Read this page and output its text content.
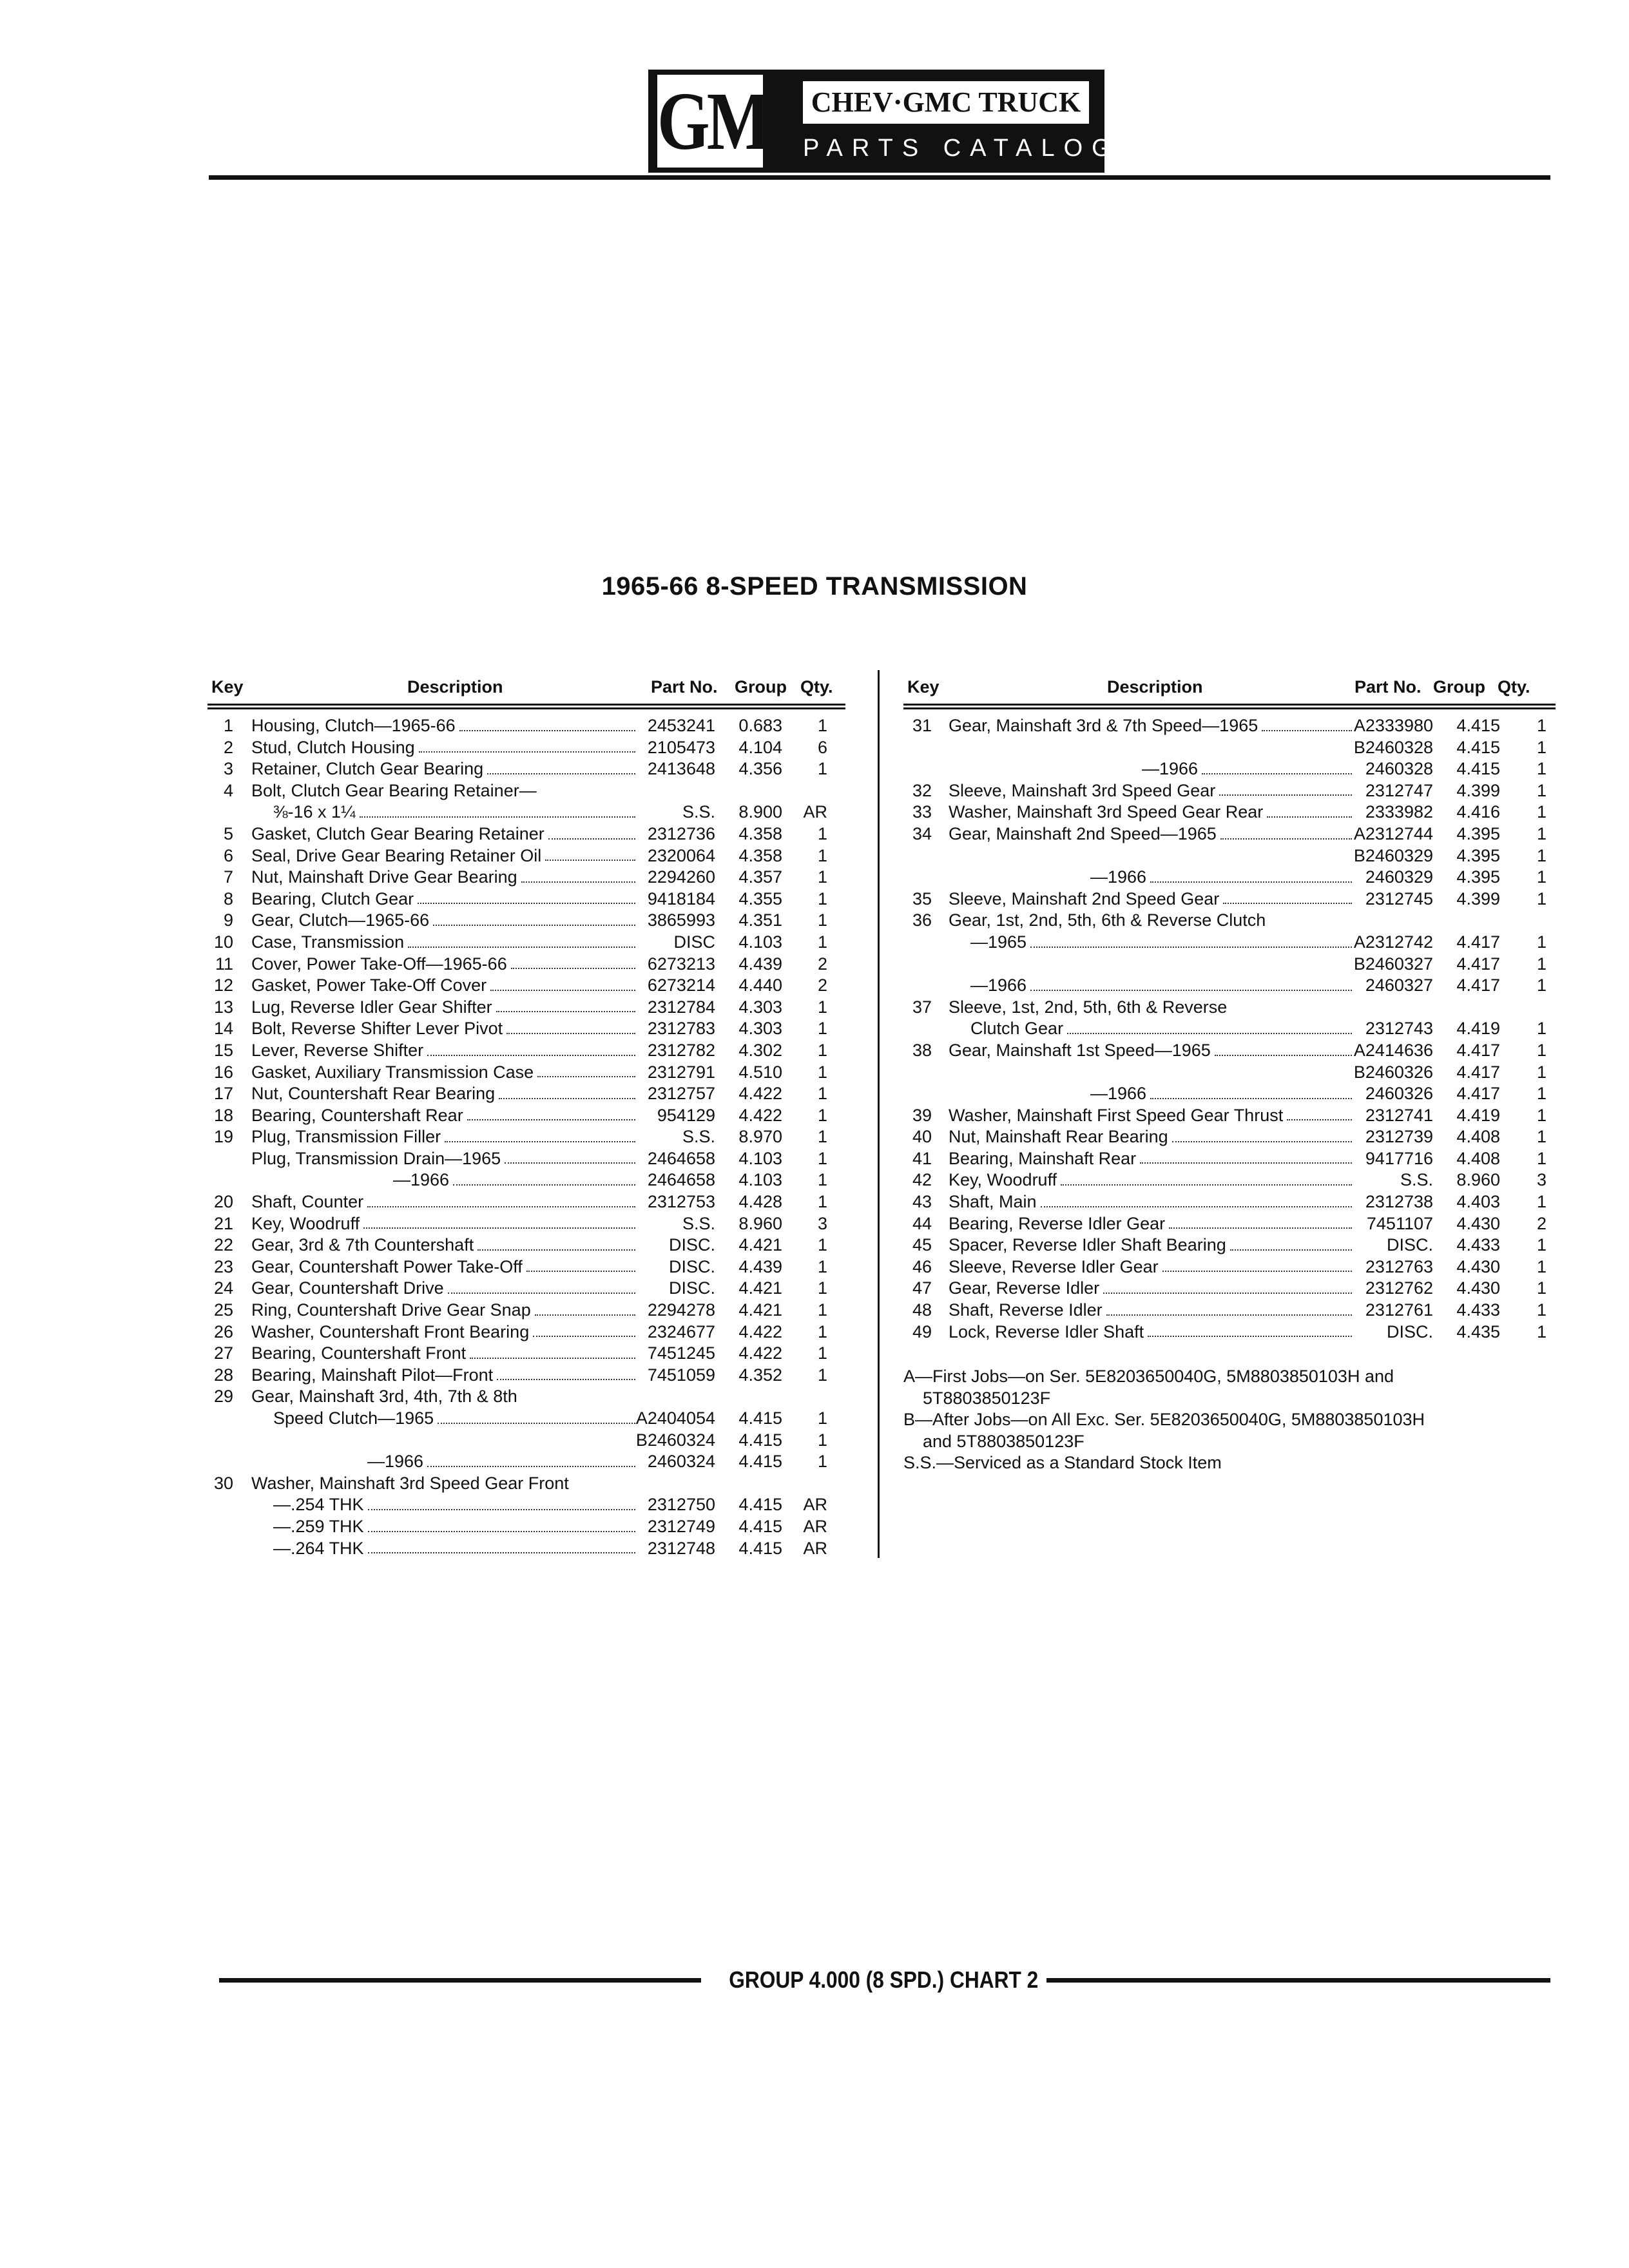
GM CHEV·GMC TRUCK
PARTS CATALOGUE
1965-66 8-SPEED TRANSMISSION
Key	Description	Part No. Group Qty.
1 Housing, Clutch—1965-66	2453241	0.683	1
2 Stud, Clutch Housing	2105473	4.104	6
3 Retainer, Clutch Gear Bearing	2413648	4.356	1
4 Bolt, Clutch Gear Bearing Retainer—
⅜-16 x 1¼	S.S.	8.900	AR
5 Gasket, Clutch Gear Bearing Retainer	2312736	4.358	1
6 Seal, Drive Gear Bearing Retainer Oil	2320064	4.358	1
7 Nut, Mainshaft Drive Gear Bearing	2294260	4.357	1
8 Bearing, Clutch Gear	9418184	4.355	1
9 Gear, Clutch—1965-66	3865993	4.351	1
10 Case, Transmission	DISC	4.103	1
11 Cover, Power Take-Off—1965-66	6273213	4.439	2
12 Gasket, Power Take-Off Cover	6273214	4.440	2
13 Lug, Reverse Idler Gear Shifter	2312784	4.303	1
14 Bolt, Reverse Shifter Lever Pivot	2312783	4.303	1
15 Lever, Reverse Shifter	2312782	4.302	1
16 Gasket, Auxiliary Transmission Case	2312791	4.510	1
17 Nut, Countershaft Rear Bearing	2312757	4.422	1
18 Bearing, Countershaft Rear	954129	4.422	1
19 Plug, Transmission Filler	S.S.	8.970	1
Plug, Transmission Drain—1965	2464658	4.103	1
—1966	2464658	4.103	1
20 Shaft, Counter	2312753	4.428	1
21 Key, Woodruff	S.S.	8.960	3
22 Gear, 3rd & 7th Countershaft	DISC.	4.421	1
23 Gear, Countershaft Power Take-Off	DISC.	4.439	1
24 Gear, Countershaft Drive	DISC.	4.421	1
25 Ring, Countershaft Drive Gear Snap	2294278	4.421	1
26 Washer, Countershaft Front Bearing	2324677	4.422	1
27 Bearing, Countershaft Front	7451245	4.422	1
28 Bearing, Mainshaft Pilot—Front	7451059	4.352	1
29 Gear, Mainshaft 3rd, 4th, 7th & 8th
Speed Clutch—1965	A2404054	4.415	1
B2460324	4.415	1
—1966	2460324	4.415	1
30 Washer, Mainshaft 3rd Speed Gear Front
—.254 THK	2312750	4.415	AR
—.259 THK	2312749	4.415	AR
—.264 THK	2312748	4.415	AR
Key	Description	Part No. Group Qty.
31 Gear, Mainshaft 3rd & 7th Speed—1965	A2333980	4.415	1
B2460328	4.415	1
—1966	2460328	4.415	1
32 Sleeve, Mainshaft 3rd Speed Gear	2312747	4.399	1
33 Washer, Mainshaft 3rd Speed Gear Rear	2333982	4.416	1
34 Gear, Mainshaft 2nd Speed—1965	A2312744	4.395	1
B2460329	4.395	1
—1966	2460329	4.395	1
35 Sleeve, Mainshaft 2nd Speed Gear	2312745	4.399	1
36 Gear, 1st, 2nd, 5th, 6th & Reverse Clutch
—1965	A2312742	4.417	1
B2460327	4.417	1
—1966	2460327	4.417	1
37 Sleeve, 1st, 2nd, 5th, 6th & Reverse
Clutch Gear	2312743	4.419	1
38 Gear, Mainshaft 1st Speed—1965	A2414636	4.417	1
B2460326	4.417	1
—1966	2460326	4.417	1
39 Washer, Mainshaft First Speed Gear Thrust	2312741	4.419	1
40 Nut, Mainshaft Rear Bearing	2312739	4.408	1
41 Bearing, Mainshaft Rear	9417716	4.408	1
42 Key, Woodruff	S.S.	8.960	3
43 Shaft, Main	2312738	4.403	1
44 Bearing, Reverse Idler Gear	7451107	4.430	2
45 Spacer, Reverse Idler Shaft Bearing	DISC.	4.433	1
46 Sleeve, Reverse Idler Gear	2312763	4.430	1
47 Gear, Reverse Idler	2312762	4.430	1
48 Shaft, Reverse Idler	2312761	4.433	1
49 Lock, Reverse Idler Shaft	DISC.	4.435	1
A—First Jobs—on Ser. 5E8203650040G, 5M8803850103H and
5T8803850123F
B—After Jobs—on All Exc. Ser. 5E8203650040G, 5M8803850103H
and 5T8803850123F
S.S.—Serviced as a Standard Stock Item
GROUP 4.000 (8 SPD.) CHART 2
